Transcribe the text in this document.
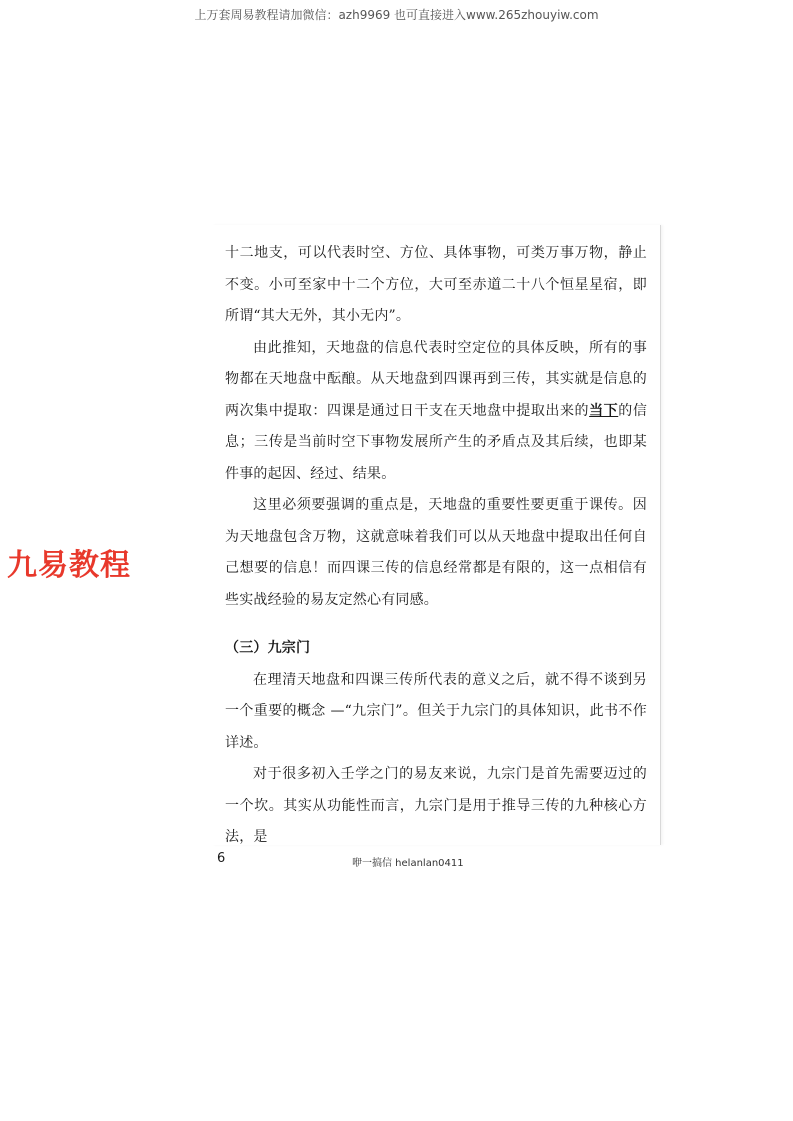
上万套周易教程请加微信：azh9969 也可直接进入www.265zhouyiw.com

十二地支，可以代表时空、方位、具体事物，可类万事万物，静止不变。小可至家中十二个方位，大可至赤道二十八个恒星星宿，即所谓“其大无外，其小无内”。

由此推知，天地盘的信息代表时空定位的具体反映，所有的事物都在天地盘中酝酿。从天地盘到四课再到三传，其实就是信息的两次集中提取：四课是通过日干支在天地盘中提取出来的当下的信息；三传是当前时空下事物发展所产生的矛盾点及其后续，也即某件事的起因、经过、结果。

这里必须要强调的重点是，天地盘的重要性要更重于课传。因为天地盘包含万物，这就意味着我们可以从天地盘中提取出任何自己想要的信息！而四课三传的信息经常都是有限的，这一点相信有些实战经验的易友定然心有同感。

（三）九宗门

在理清天地盘和四课三传所代表的意义之后，就不得不谈到另一个重要的概念 —“九宗门”。但关于九宗门的具体知识，此书不作详述。

对于很多初入壬学之门的易友来说，九宗门是首先需要迈过的一个坎。其实从功能性而言，九宗门是用于推导三传的九种核心方法，是

6	咿一搞信 helanlan0411
九易教程
